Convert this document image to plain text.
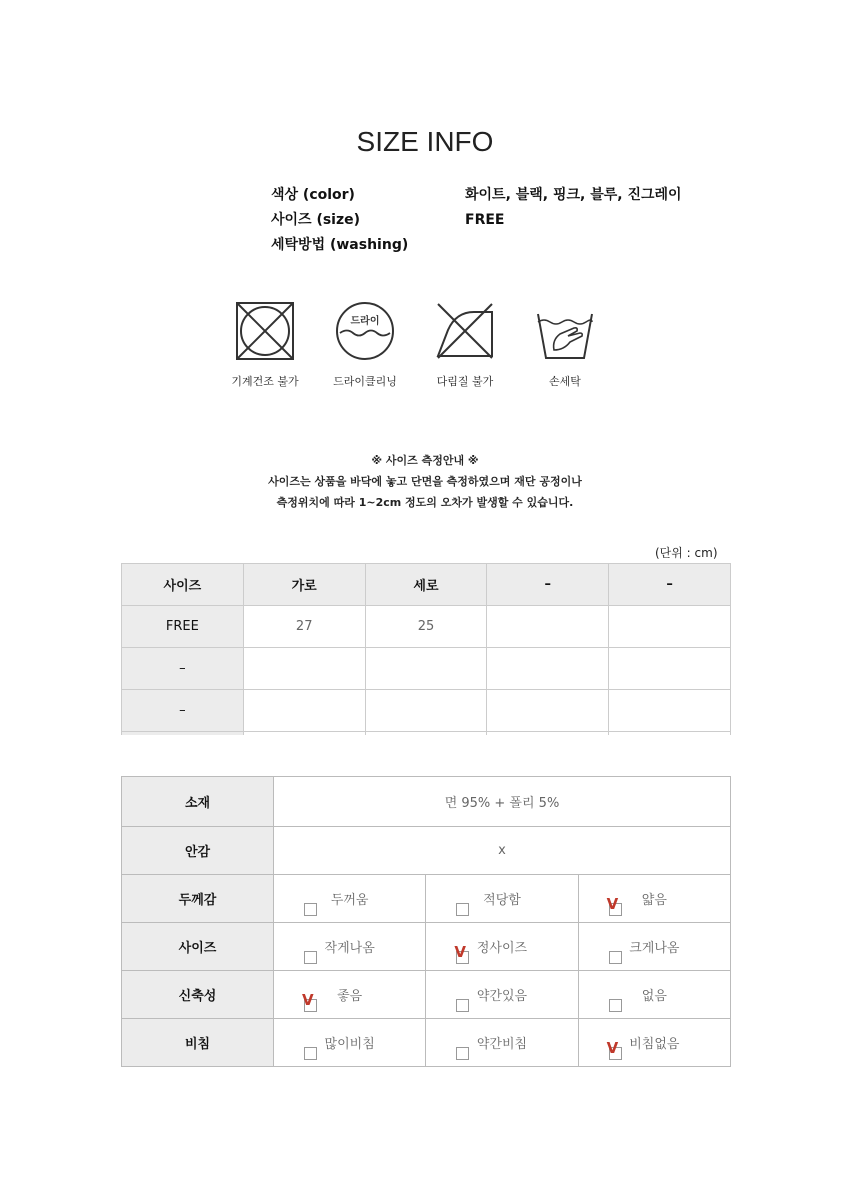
SIZE INFO
색상 (color)	화이트, 블랙, 핑크, 블루, 진그레이
사이즈 (size)	FREE
세탁방법 (washing)
기계건조 불가
드라이
드라이클리닝	다림질 불가	손세탁
※ 사이즈 측정안내 ※
사이즈는 상품을 바닥에 놓고 단면을 측정하였으며 재단 공정이나
측정위치에 따라 1~2cm 정도의 오차가 발생할 수 있습니다.
(단위 : cm)
사이즈	가로	세로	–	–
FREE	27	25		
–				
–				

소재	면 95% + 폴리 5%		
안감	x		
두께감	두꺼움	적당함	V 얇음

사이즈	작게나옴	V 정사이즈	크게나옴

신축성	V 좋음	약간있음	없음

비침	많이비침	약간비침	V 비침없음
